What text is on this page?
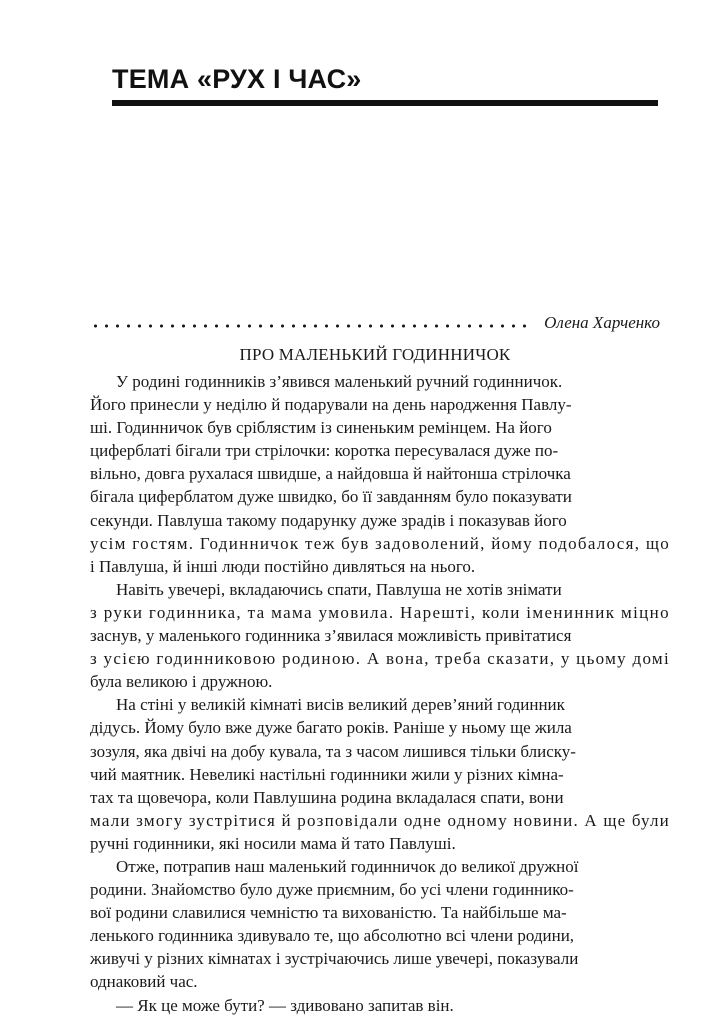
ТЕМА «РУХ І ЧАС»
Олена Харченко
ПРО МАЛЕНЬКИЙ ГОДИННИЧОК
У родині годинників з’явився маленький ручний годинничок.
Його принесли у неділю й подарували на день народження Павлу-
ші. Годинничок був сріблястим із синеньким ремінцем. На його
циферблаті бігали три стрілочки: коротка пересувалася дуже по-
вільно, довга рухалася швидше, а найдовша й найтонша стрілочка
бігала циферблатом дуже швидко, бо її завданням було показувати
секунди. Павлуша такому подарунку дуже зрадів і показував його
усім гостям. Годинничок теж був задоволений, йому подобалося, що
і Павлуша, й інші люди постійно дивляться на нього.
Навіть увечері, вкладаючись спати, Павлуша не хотів знімати
з руки годинника, та мама умовила. Нарешті, коли іменинник міцно
заснув, у маленького годинника з’явилася можливість привітатися
з усією годинниковою родиною. А вона, треба сказати, у цьому домі
була великою і дружною.
На стіні у великій кімнаті висів великий дерев’яний годинник
дідусь. Йому було вже дуже багато років. Раніше у ньому ще жила
зозуля, яка двічі на добу кувала, та з часом лишився тільки блиску-
чий маятник. Невеликі настільні годинники жили у різних кімна-
тах та щовечора, коли Павлушина родина вкладалася спати, вони
мали змогу зустрітися й розповідали одне одному новини. А ще були
ручні годинники, які носили мама й тато Павлуші.
Отже, потрапив наш маленький годинничок до великої дружної
родини. Знайомство було дуже приємним, бо усі члени годиннико-
вої родини славилися чемністю та вихованістю. Та найбільше ма-
ленького годинника здивувало те, що абсолютно всі члени родини,
живучі у різних кімнатах і зустрічаючись лише увечері, показували
однаковий час.
— Як це може бути? — здивовано запитав він.
